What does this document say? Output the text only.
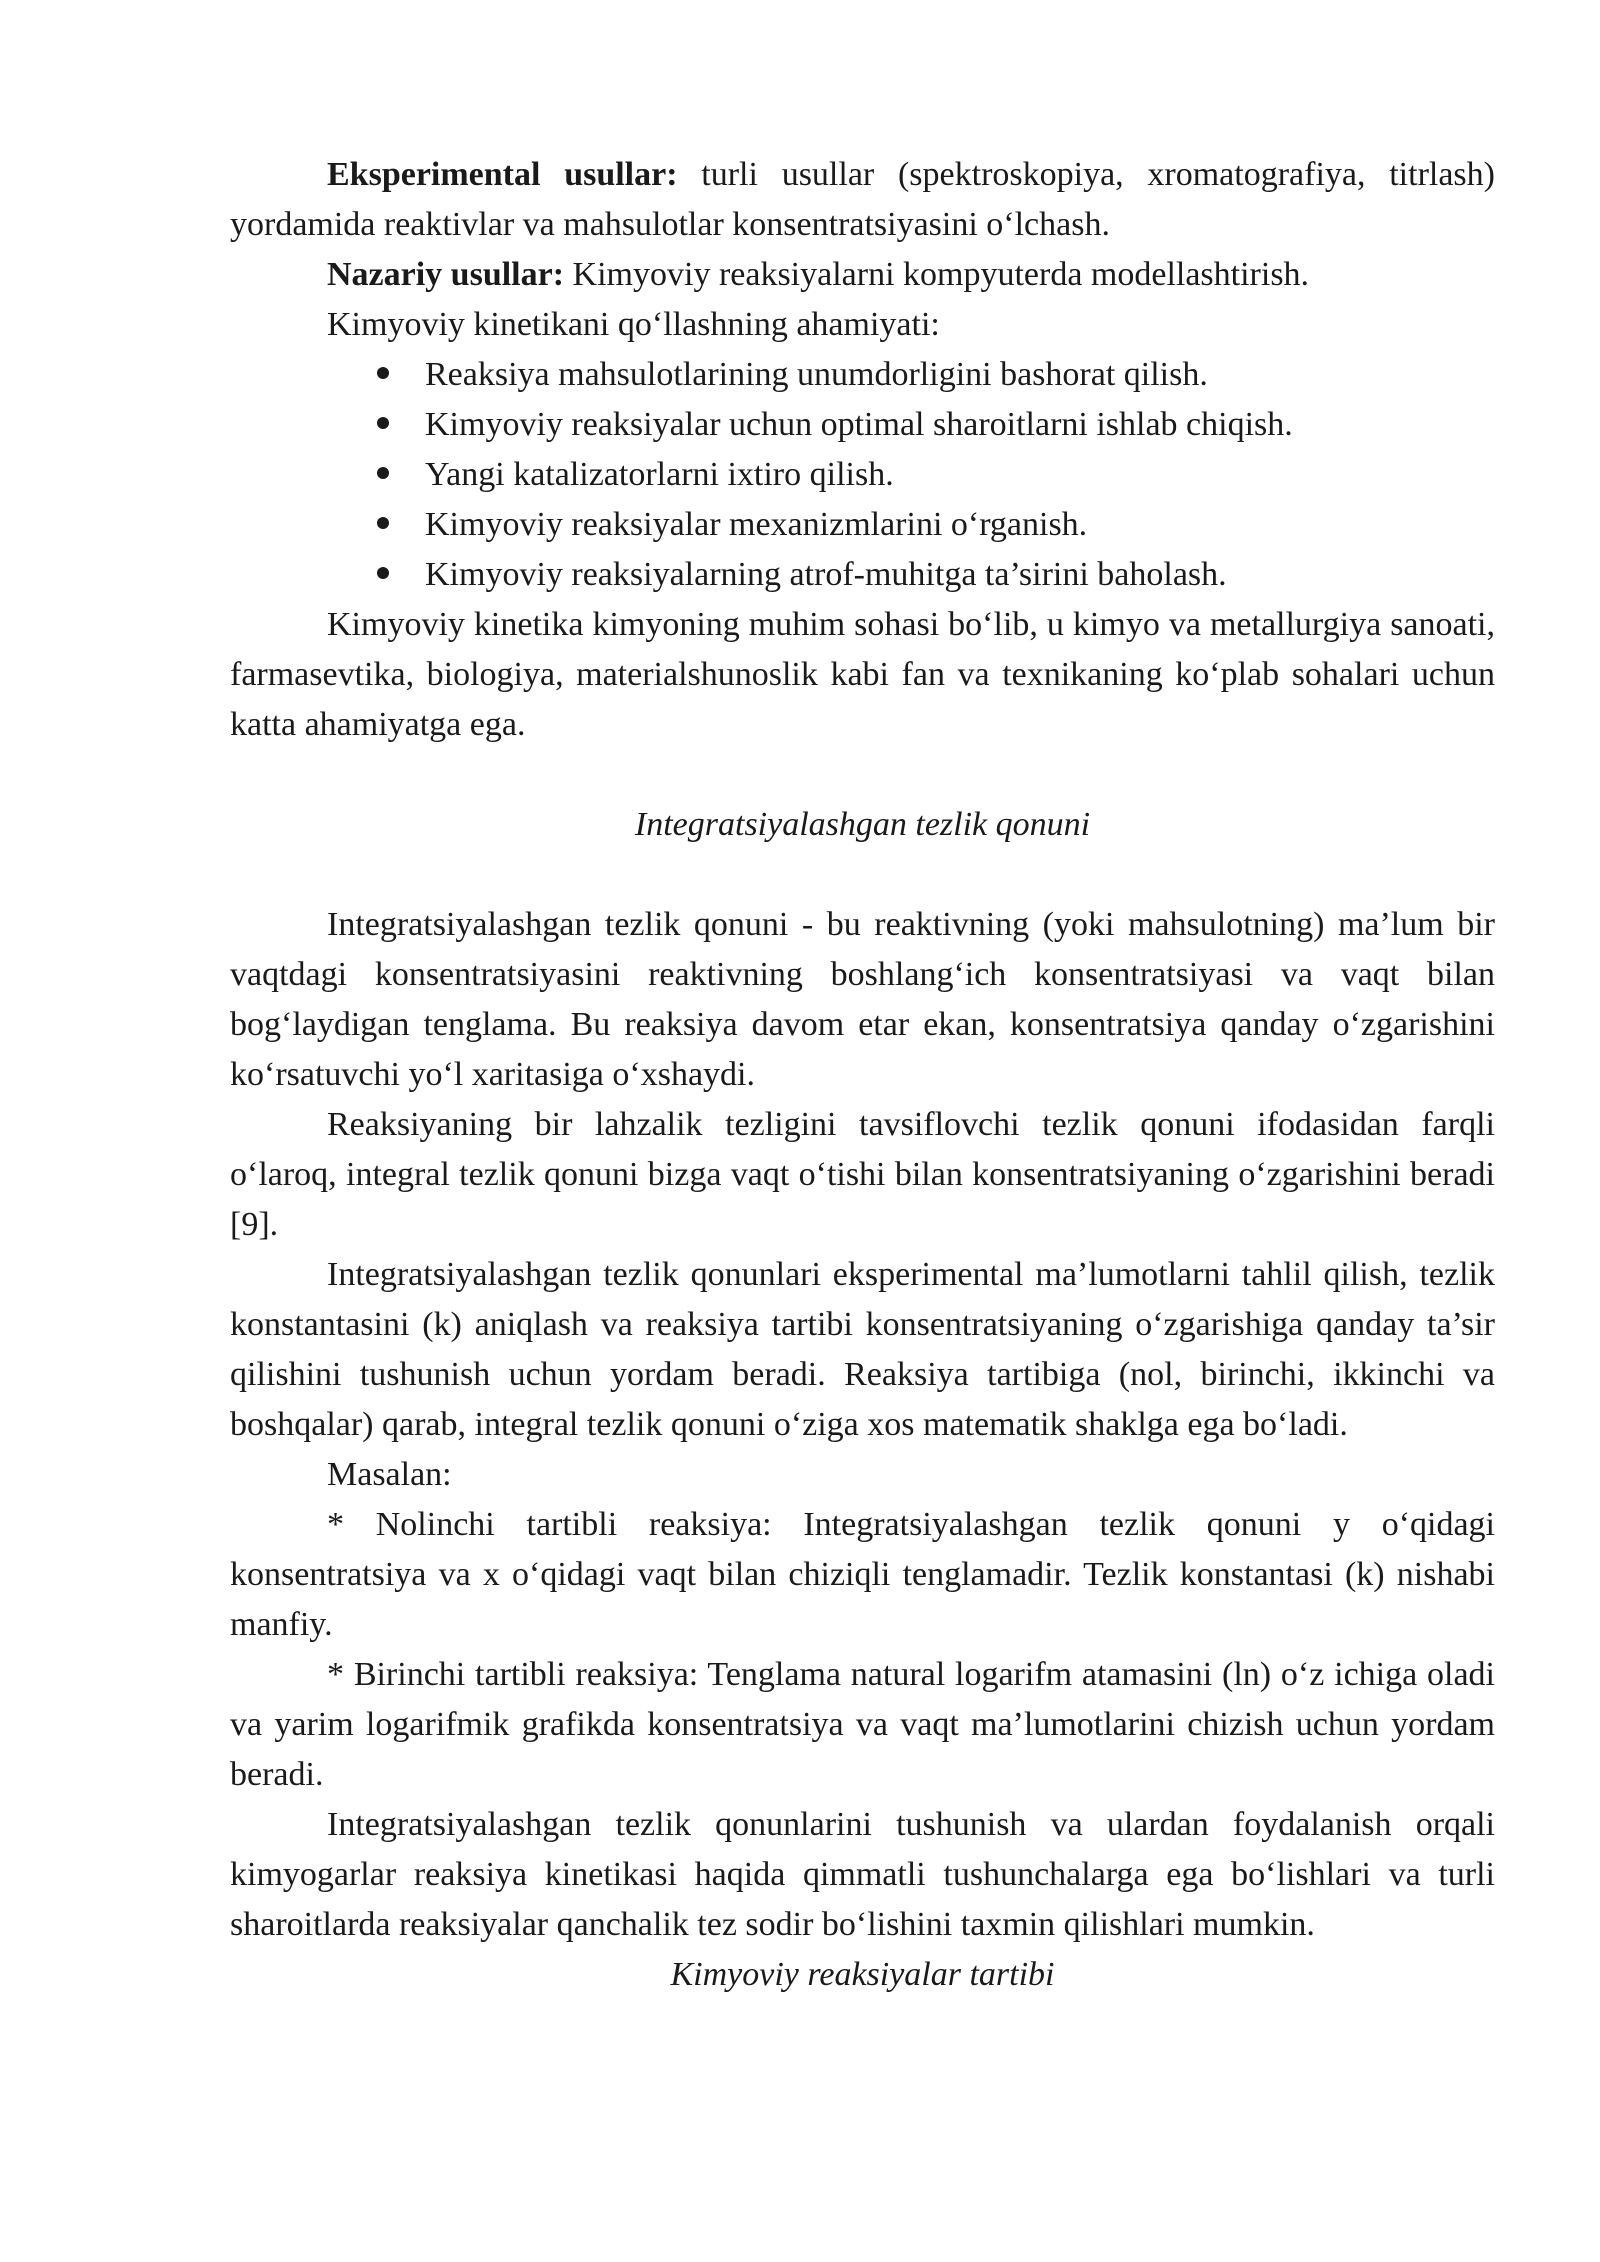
Eksperimental usullar: turli usullar (spektroskopiya, xromatografiya, titrlash) yordamida reaktivlar va mahsulotlar konsentratsiyasini o‘lchash.

Nazariy usullar: Kimyoviy reaksiyalarni kompyuterda modellashtirish.

Kimyoviy kinetikani qo‘llashning ahamiyati:

Reaksiya mahsulotlarining unumdorligini bashorat qilish.
Kimyoviy reaksiyalar uchun optimal sharoitlarni ishlab chiqish.
Yangi katalizatorlarni ixtiro qilish.
Kimyoviy reaksiyalar mexanizmlarini o‘rganish.
Kimyoviy reaksiyalarning atrof-muhitga ta’sirini baholash.

Kimyoviy kinetika kimyoning muhim sohasi bo‘lib, u kimyo va metallurgiya sanoati, farmasevtika, biologiya, materialshunoslik kabi fan va texnikaning ko‘plab sohalari uchun katta ahamiyatga ega.

Integratsiyalashgan tezlik qonuni

Integratsiyalashgan tezlik qonuni - bu reaktivning (yoki mahsulotning) ma’lum bir vaqtdagi konsentratsiyasini reaktivning boshlang‘ich konsentratsiyasi va vaqt bilan bog‘laydigan tenglama. Bu reaksiya davom etar ekan, konsentratsiya qanday o‘zgarishini ko‘rsatuvchi yo‘l xaritasiga o‘xshaydi.

Reaksiyaning bir lahzalik tezligini tavsiflovchi tezlik qonuni ifodasidan farqli o‘laroq, integral tezlik qonuni bizga vaqt o‘tishi bilan konsentratsiyaning o‘zgarishini beradi [9].

Integratsiyalashgan tezlik qonunlari eksperimental ma’lumotlarni tahlil qilish, tezlik konstantasini (k) aniqlash va reaksiya tartibi konsentratsiyaning o‘zgarishiga qanday ta’sir qilishini tushunish uchun yordam beradi. Reaksiya tartibiga (nol, birinchi, ikkinchi va boshqalar) qarab, integral tezlik qonuni o‘ziga xos matematik shaklga ega bo‘ladi.

Masalan:

* Nolinchi tartibli reaksiya: Integratsiyalashgan tezlik qonuni y o‘qidagi konsentratsiya va x o‘qidagi vaqt bilan chiziqli tenglamadir. Tezlik konstantasi (k) nishabi manfiy.

* Birinchi tartibli reaksiya: Tenglama natural logarifm atamasini (ln) o‘z ichiga oladi va yarim logarifmik grafikda konsentratsiya va vaqt ma’lumotlarini chizish uchun yordam beradi.

Integratsiyalashgan tezlik qonunlarini tushunish va ulardan foydalanish orqali kimyogarlar reaksiya kinetikasi haqida qimmatli tushunchalarga ega bo‘lishlari va turli sharoitlarda reaksiyalar qanchalik tez sodir bo‘lishini taxmin qilishlari mumkin.

Kimyoviy reaksiyalar tartibi
